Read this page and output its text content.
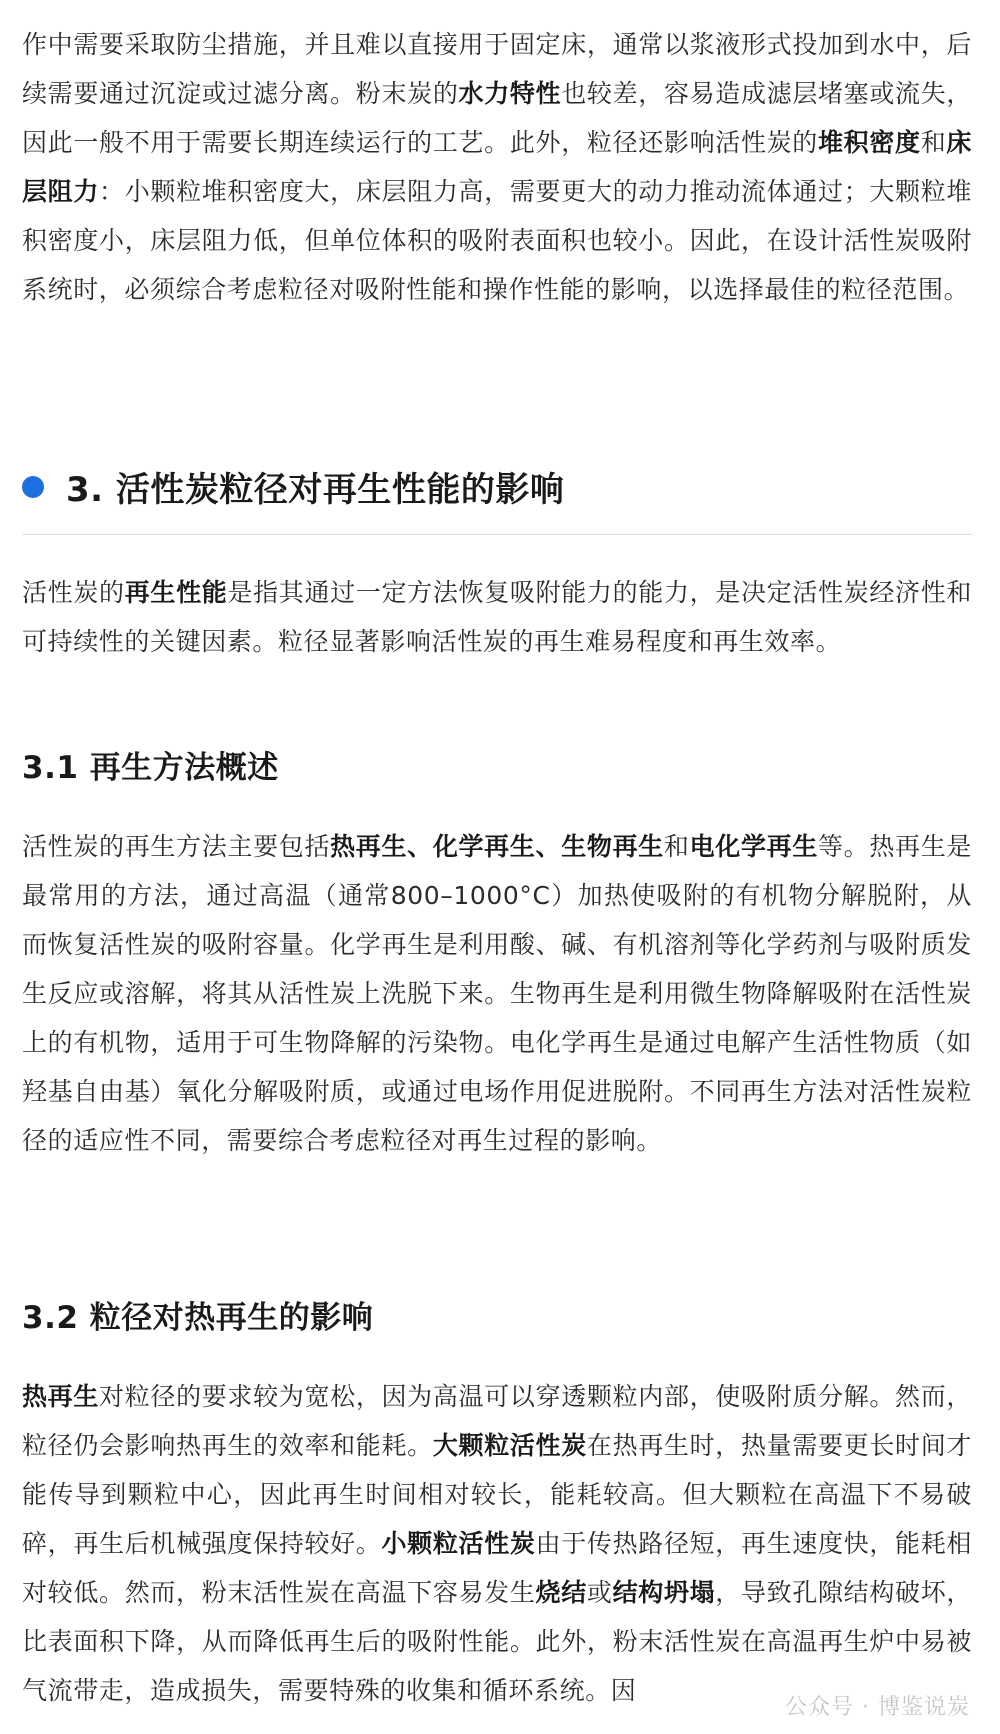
作中需要采取防尘措施，并且难以直接用于固定床，通常以浆液形式投加到水中，后续需要通过沉淀或过滤分离。粉末炭的水力特性也较差，容易造成滤层堵塞或流失，因此一般不用于需要长期连续运行的工艺。此外，粒径还影响活性炭的堆积密度和床层阻力：小颗粒堆积密度大，床层阻力高，需要更大的动力推动流体通过；大颗粒堆积密度小，床层阻力低，但单位体积的吸附表面积也较小。因此，在设计活性炭吸附系统时，必须综合考虑粒径对吸附性能和操作性能的影响，以选择最佳的粒径范围。

3. 活性炭粒径对再生性能的影响

活性炭的再生性能是指其通过一定方法恢复吸附能力的能力，是决定活性炭经济性和可持续性的关键因素。粒径显著影响活性炭的再生难易程度和再生效率。

3.1 再生方法概述

活性炭的再生方法主要包括热再生、化学再生、生物再生和电化学再生等。热再生是最常用的方法，通过高温（通常800–1000°C）加热使吸附的有机物分解脱附，从而恢复活性炭的吸附容量。化学再生是利用酸、碱、有机溶剂等化学药剂与吸附质发生反应或溶解，将其从活性炭上洗脱下来。生物再生是利用微生物降解吸附在活性炭上的有机物，适用于可生物降解的污染物。电化学再生是通过电解产生活性物质（如羟基自由基）氧化分解吸附质，或通过电场作用促进脱附。不同再生方法对活性炭粒径的适应性不同，需要综合考虑粒径对再生过程的影响。

3.2 粒径对热再生的影响

热再生对粒径的要求较为宽松，因为高温可以穿透颗粒内部，使吸附质分解。然而，粒径仍会影响热再生的效率和能耗。大颗粒活性炭在热再生时，热量需要更长时间才能传导到颗粒中心，因此再生时间相对较长，能耗较高。但大颗粒在高温下不易破碎，再生后机械强度保持较好。小颗粒活性炭由于传热路径短，再生速度快，能耗相对较低。然而，粉末活性炭在高温下容易发生烧结或结构坍塌，导致孔隙结构破坏，比表面积下降，从而降低再生后的吸附性能。此外，粉末活性炭在高温再生炉中易被气流带走，造成损失，需要特殊的收集和循环系统。因

公众号 · 博鉴说炭
